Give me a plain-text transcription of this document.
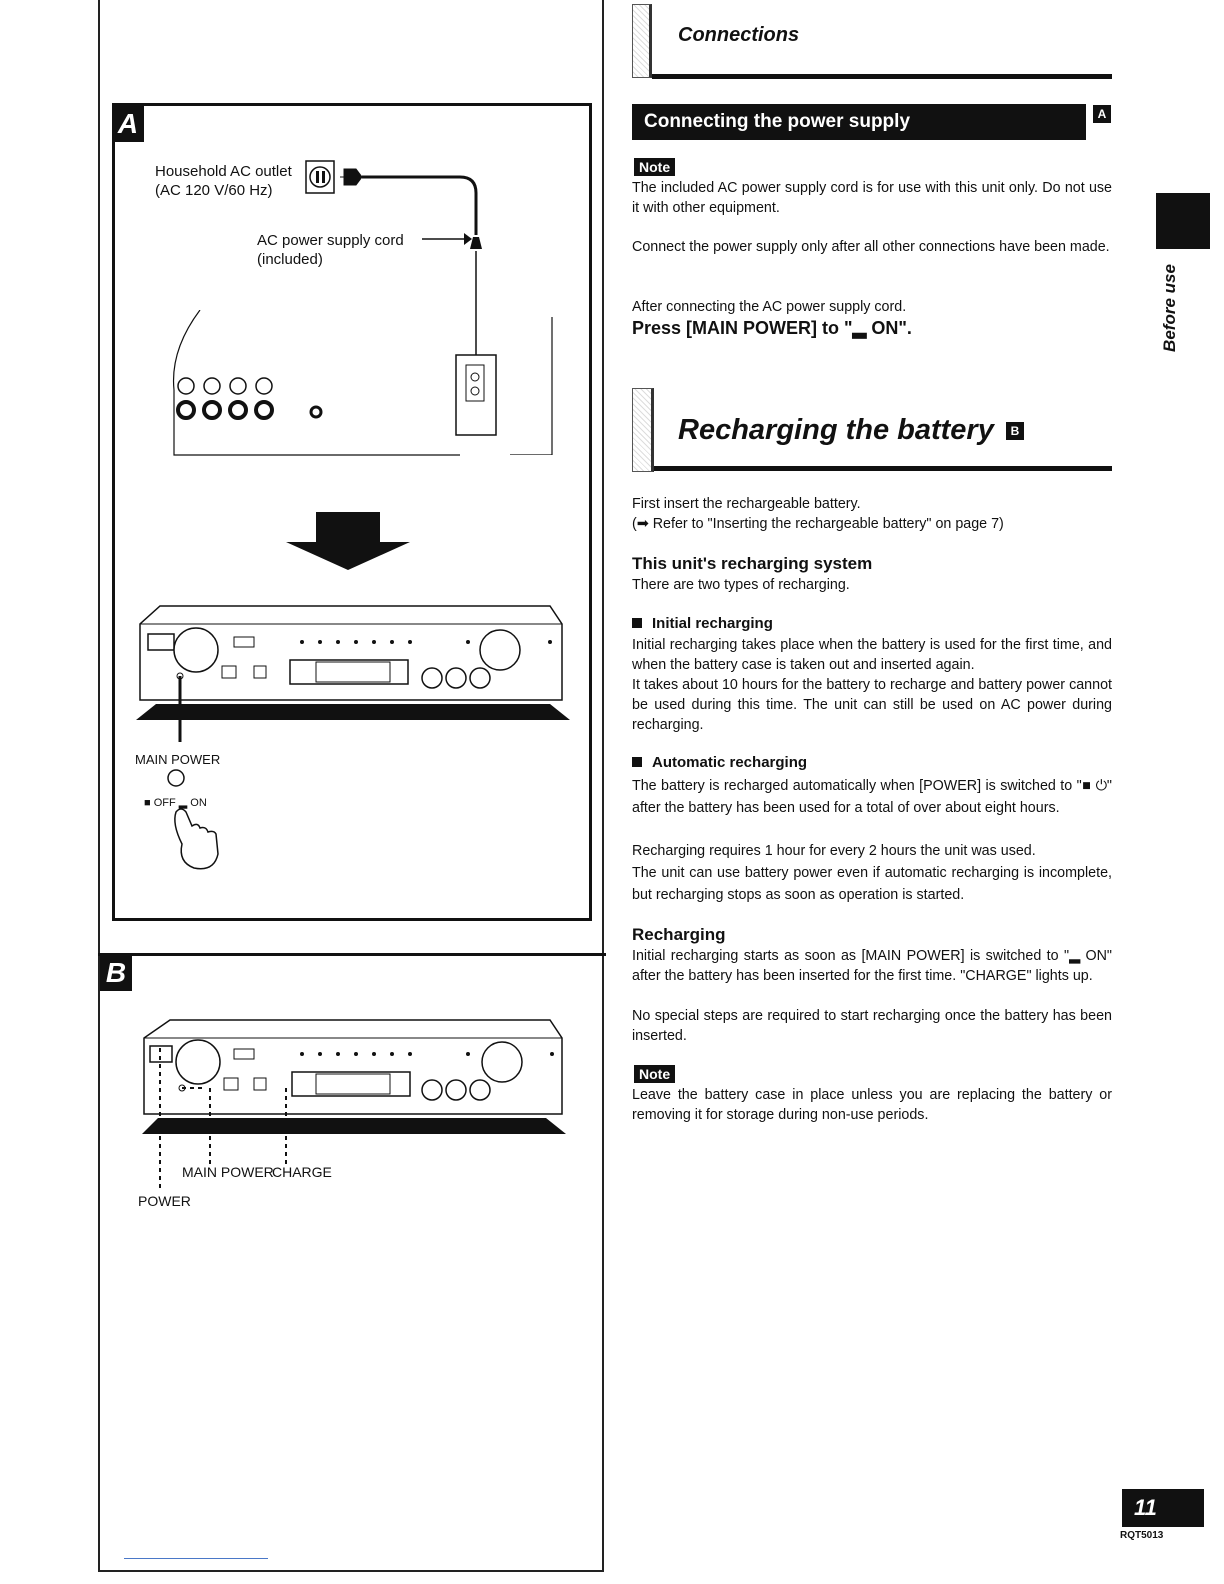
A
Household AC outlet
(AC 120 V/60 Hz)
AC power supply cord
(included)
MAIN POWER
■ OFF ▂ ON
B
MAIN POWER
CHARGE
POWER
Connections
Connecting the power supply	A
Note
The included AC power supply cord is for use with this unit only. Do not use it with other equipment.
Connect the power supply only after all other connections have been made.
After connecting the AC power supply cord.
Press [MAIN POWER] to "▂ ON".
Recharging the battery B
First insert the rechargeable battery.
(➡ Refer to "Inserting the rechargeable battery" on page 7)
This unit's recharging system
There are two types of recharging.
Initial recharging
Initial recharging takes place when the battery is used for the first time, and when the battery case is taken out and inserted again.
It takes about 10 hours for the battery to recharge and battery power cannot be used during this time. The unit can still be used on AC power during recharging.
Automatic recharging
The battery is recharged automatically when [POWER] is switched to "■ ⏻" after the battery has been used for a total of over about eight hours.
Recharging requires 1 hour for every 2 hours the unit was used.
The unit can use battery power even if automatic recharging is incomplete, but recharging stops as soon as operation is started.
Recharging
Initial recharging starts as soon as [MAIN POWER] is switched to "▂ ON" after the battery has been inserted for the first time. "CHARGE" lights up.
No special steps are required to start recharging once the battery has been inserted.
Note
Leave the battery case in place unless you are replacing the battery or removing it for storage during non-use periods.
Before use
11
RQT5013
